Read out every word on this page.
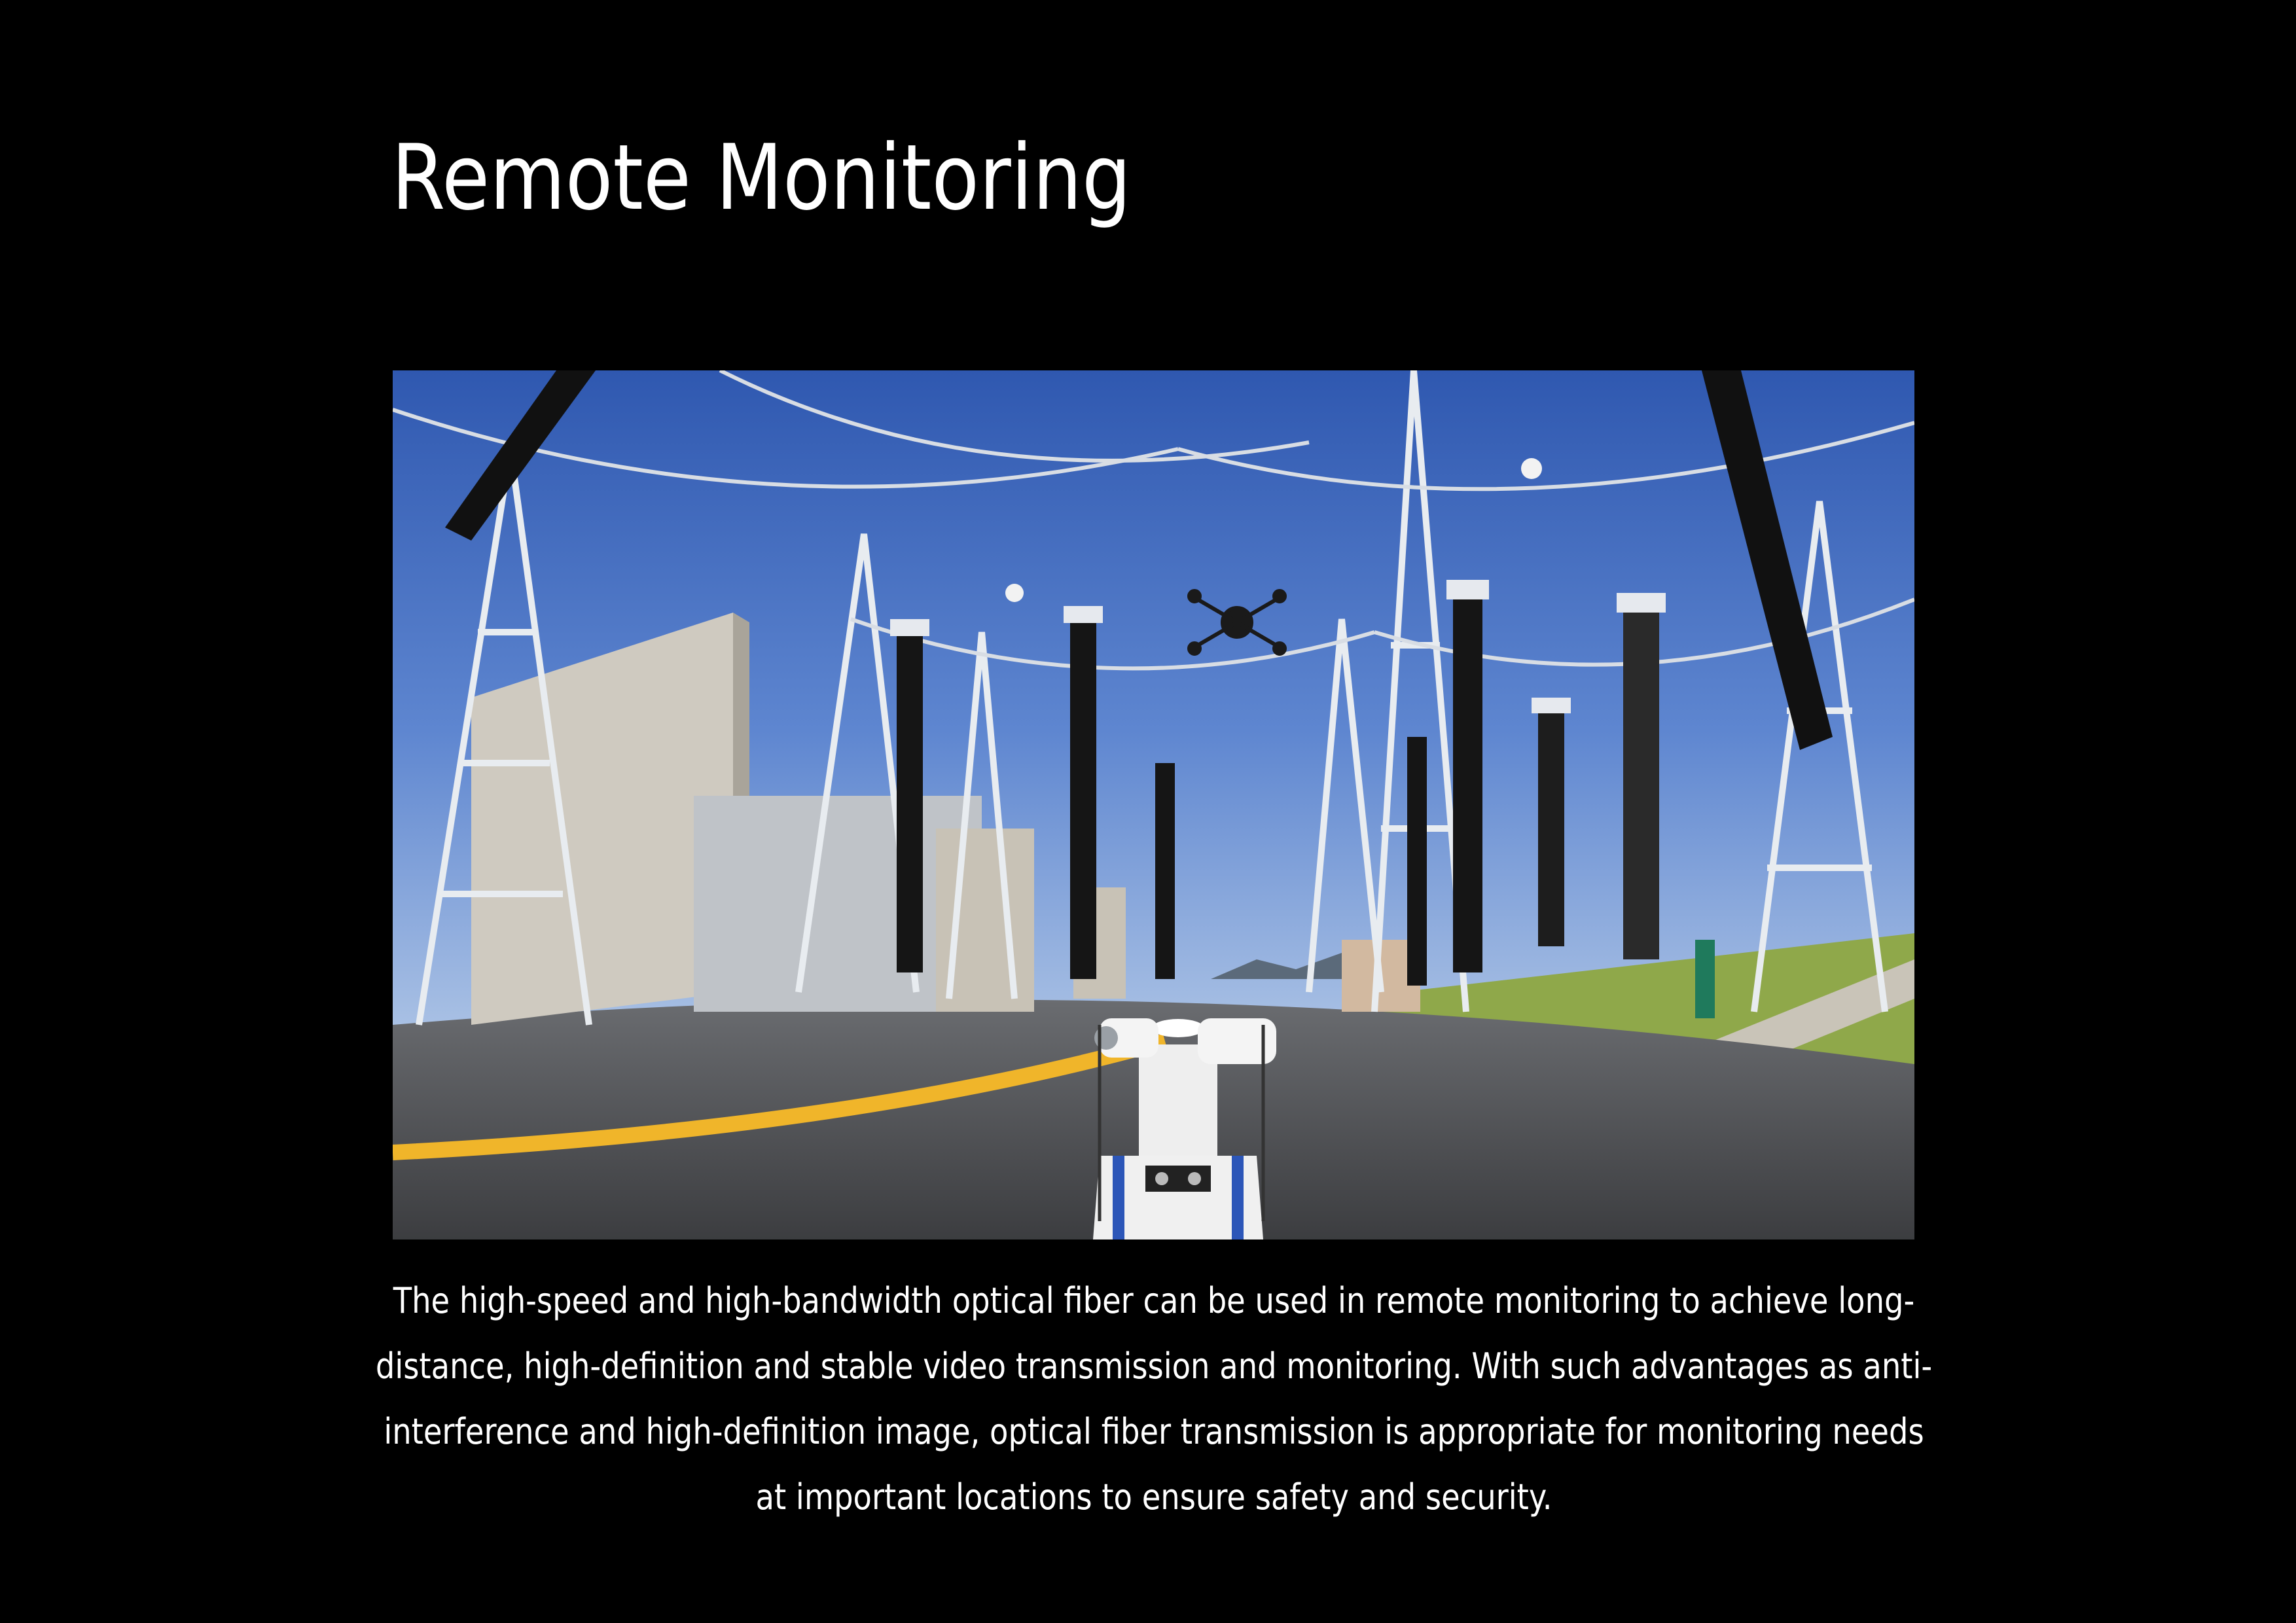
Remote Monitoring
The high-speed and high-bandwidth optical fiber can be used in remote monitoring to achieve long-distance, high-definition and stable video transmission and monitoring. With such advantages as anti-interference and high-definition image, optical fiber transmission is appropriate for monitoring needs at important locations to ensure safety and security.
